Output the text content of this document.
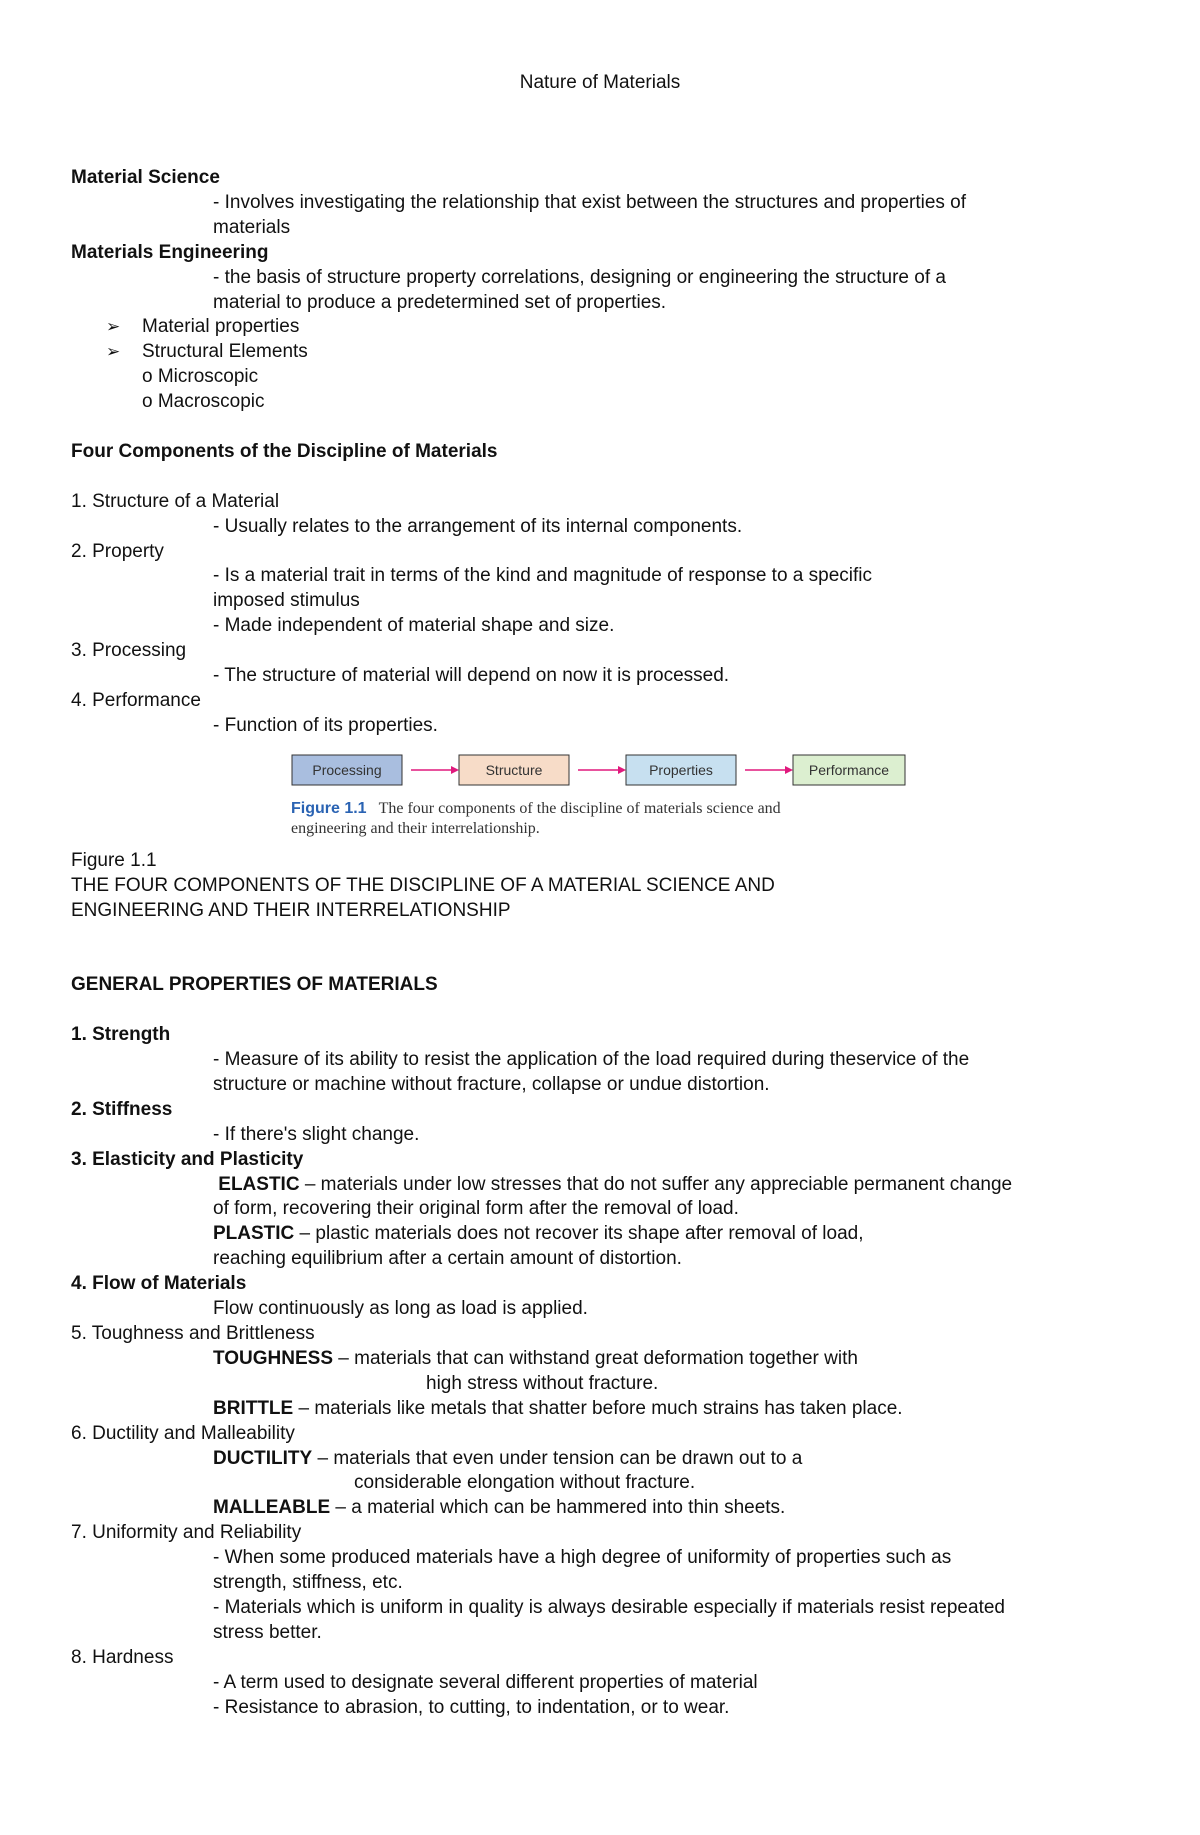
Nature of Materials
Material Science
- Involves investigating the relationship that exist between the structures and properties of
materials
Materials Engineering
- the basis of structure property correlations, designing or engineering the structure of a
material to produce a predetermined set of properties.
➢ Material properties
➢ Structural Elements
o Microscopic
o Macroscopic
Four Components of the Discipline of Materials
1. Structure of a Material
- Usually relates to the arrangement of its internal components.
2. Property
- Is a material trait in terms of the kind and magnitude of response to a specific
imposed stimulus
- Made independent of material shape and size.
3. Processing
- The structure of material will depend on now it is processed.
4. Performance
- Function of its properties.
Processing	Structure	Properties	Performance
Figure 1.1 The four components of the discipline of materials science and
engineering and their interrelationship.
Figure 1.1
THE FOUR COMPONENTS OF THE DISCIPLINE OF A MATERIAL SCIENCE AND
ENGINEERING AND THEIR INTERRELATIONSHIP
GENERAL PROPERTIES OF MATERIALS
1. Strength
- Measure of its ability to resist the application of the load required during theservice of the
structure or machine without fracture, collapse or undue distortion.
2. Stiffness
- If there's slight change.
3. Elasticity and Plasticity
ELASTIC – materials under low stresses that do not suffer any appreciable permanent change
of form, recovering their original form after the removal of load.
PLASTIC – plastic materials does not recover its shape after removal of load,
reaching equilibrium after a certain amount of distortion.
4. Flow of Materials
Flow continuously as long as load is applied.
5. Toughness and Brittleness
TOUGHNESS – materials that can withstand great deformation together with
high stress without fracture.
BRITTLE – materials like metals that shatter before much strains has taken place.
6. Ductility and Malleability
DUCTILITY – materials that even under tension can be drawn out to a
considerable elongation without fracture.
MALLEABLE – a material which can be hammered into thin sheets.
7. Uniformity and Reliability
- When some produced materials have a high degree of uniformity of properties such as
strength, stiffness, etc.
- Materials which is uniform in quality is always desirable especially if materials resist repeated
stress better.
8. Hardness
- A term used to designate several different properties of material
- Resistance to abrasion, to cutting, to indentation, or to wear.
